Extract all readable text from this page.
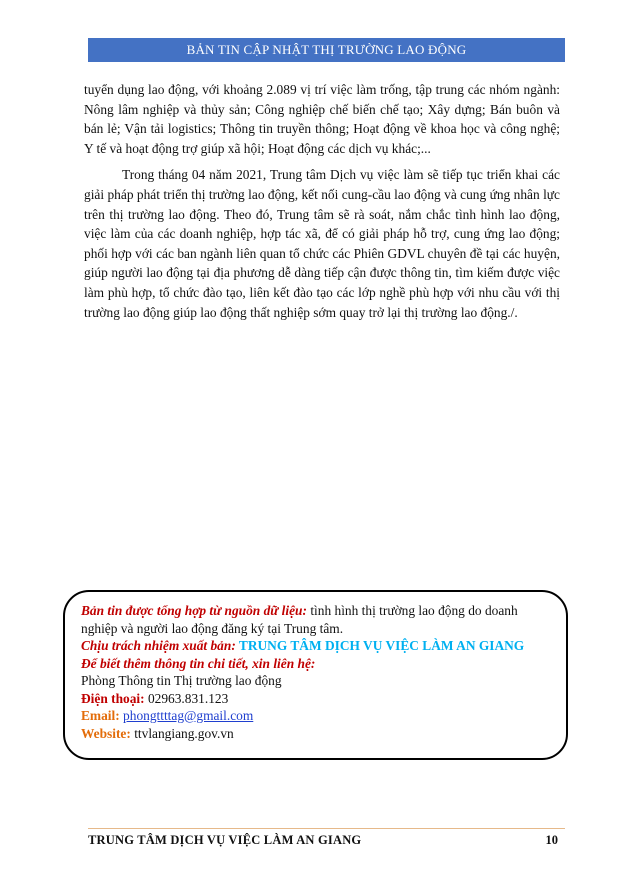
BẢN TIN CẬP NHẬT THỊ TRƯỜNG LAO ĐỘNG

tuyển dụng lao động, với khoảng 2.089 vị trí việc làm trống, tập trung các nhóm ngành: Nông lâm nghiệp và thủy sản; Công nghiệp chế biến chế tạo; Xây dựng; Bán buôn và bán lẻ; Vận tải logistics; Thông tin truyền thông; Hoạt động về khoa học và công nghệ; Y tế và hoạt động trợ giúp xã hội; Hoạt động các dịch vụ khác;...

Trong tháng 04 năm 2021, Trung tâm Dịch vụ việc làm sẽ tiếp tục triển khai các giải pháp phát triển thị trường lao động, kết nối cung-cầu lao động và cung ứng nhân lực trên thị trường lao động. Theo đó, Trung tâm sẽ rà soát, nắm chắc tình hình lao động, việc làm của các doanh nghiệp, hợp tác xã, để có giải pháp hỗ trợ, cung ứng lao động; phối hợp với các ban ngành liên quan tổ chức các Phiên GDVL chuyên đề tại các huyện, giúp người lao động tại địa phương dễ dàng tiếp cận được thông tin, tìm kiếm được việc làm phù hợp, tổ chức đào tạo, liên kết đào tạo các lớp nghề phù hợp với nhu cầu với thị trường lao động giúp lao động thất nghiệp sớm quay trở lại thị trường lao động./.

Bản tin được tổng hợp từ nguồn dữ liệu: tình hình thị trường lao động do doanh nghiệp và người lao động đăng ký tại Trung tâm.

Chịu trách nhiệm xuất bản: TRUNG TÂM DỊCH VỤ VIỆC LÀM AN GIANG

Để biết thêm thông tin chi tiết, xin liên hệ:

Phòng Thông tin Thị trường lao động

Điện thoại: 02963.831.123

Email: phongttttag@gmail.com

Website: ttvlangiang.gov.vn

TRUNG TÂM DỊCH VỤ VIỆC LÀM AN GIANG	10
